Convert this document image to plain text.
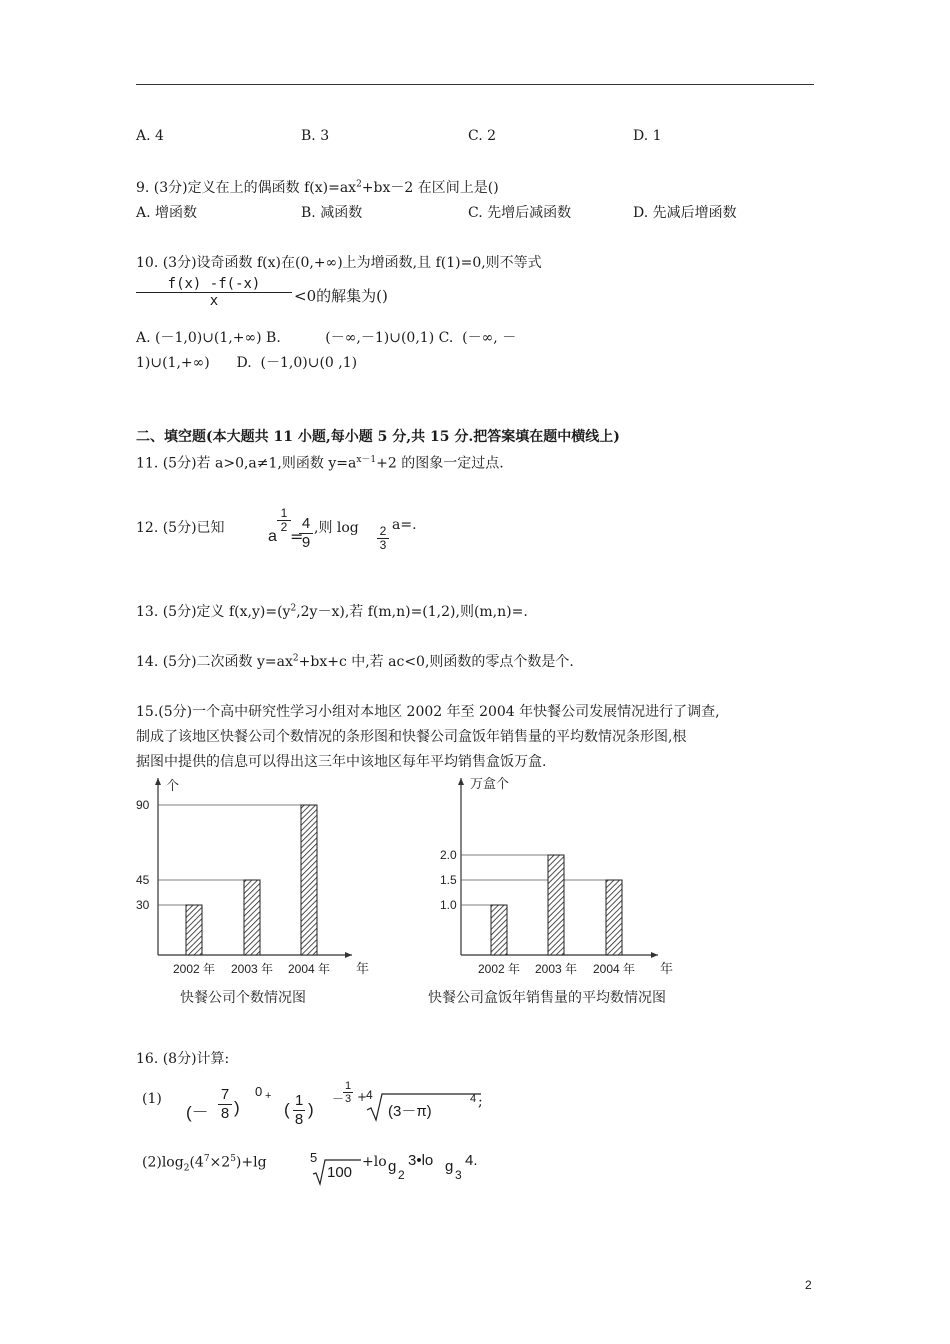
A. 4	B. 3	C. 2	D. 1
9. (3分)定义在上的偶函数 $f(x)=ax^2+bx-2$ 在区间上是()
A. 增函数	B. 减函数	C. 先增后减函数	D. 先减后增函数
10. (3分)设奇函数 f(x)在(0,+∞)上为增函数,且 f(1)=0,则不等式
$\frac{f(x) -f(-x)}{x} <0$的解集为()
A. (－1,0)∪(1,+∞) B.          (－∞,－1)∪(0,1) C.  (－∞, －
1)∪(1,+∞)      D.  (－1,0)∪(0 ,1)
二、填空题(本大题共 11 小题,每小题 5 分,共 15 分.把答案填在题中横线上)
11. (5分)若 a>0,a≠1,则函数 $y=a^{x-1}+2$ 的图象一定过点.
12. (5分)已知	a
$\frac{1}{2}$
=
$\frac{4}{9}$ ,则 $\log \frac{2}{3} a=$.
13. (5分)定义 $f(x,y)=(y^2,2y-x)$,若 f(m,n)=(1,2),则(m,n)=.
14. (5分)二次函数 $y=ax^2+bx+c$ 中,若 ac<0,则函数的零点个数是个.
15.(5分)一个高中研究性学习小组对本地区 2002 年至 2004 年快餐公司发展情况进行了调查,
制成了该地区快餐公司个数情况的条形图和快餐公司盒饭年销售量的平均数情况条形图,根
据图中提供的信息可以得出这三年中该地区每年平均销售盒饭万盒.
30
45
90
2002 年 2003 年 2004 年
个
年
快餐公司个数情况图
1.0
1.5
2.0
2002 年 2003 年 2004 年
万盒个
年
快餐公司盒饭年销售量的平均数情况图
16. (8分)计算:
(1)
(－ $\frac{7}{8}$ )
0 +
( $\frac{1}{8}$ )
－
$\frac{1}{3}$ +
4
(3－π)
4 ;
$(2)\log_2(4^7\times 2^5)+\lg$	5
100
+lo g 2
3•lo g 3
4.
2
